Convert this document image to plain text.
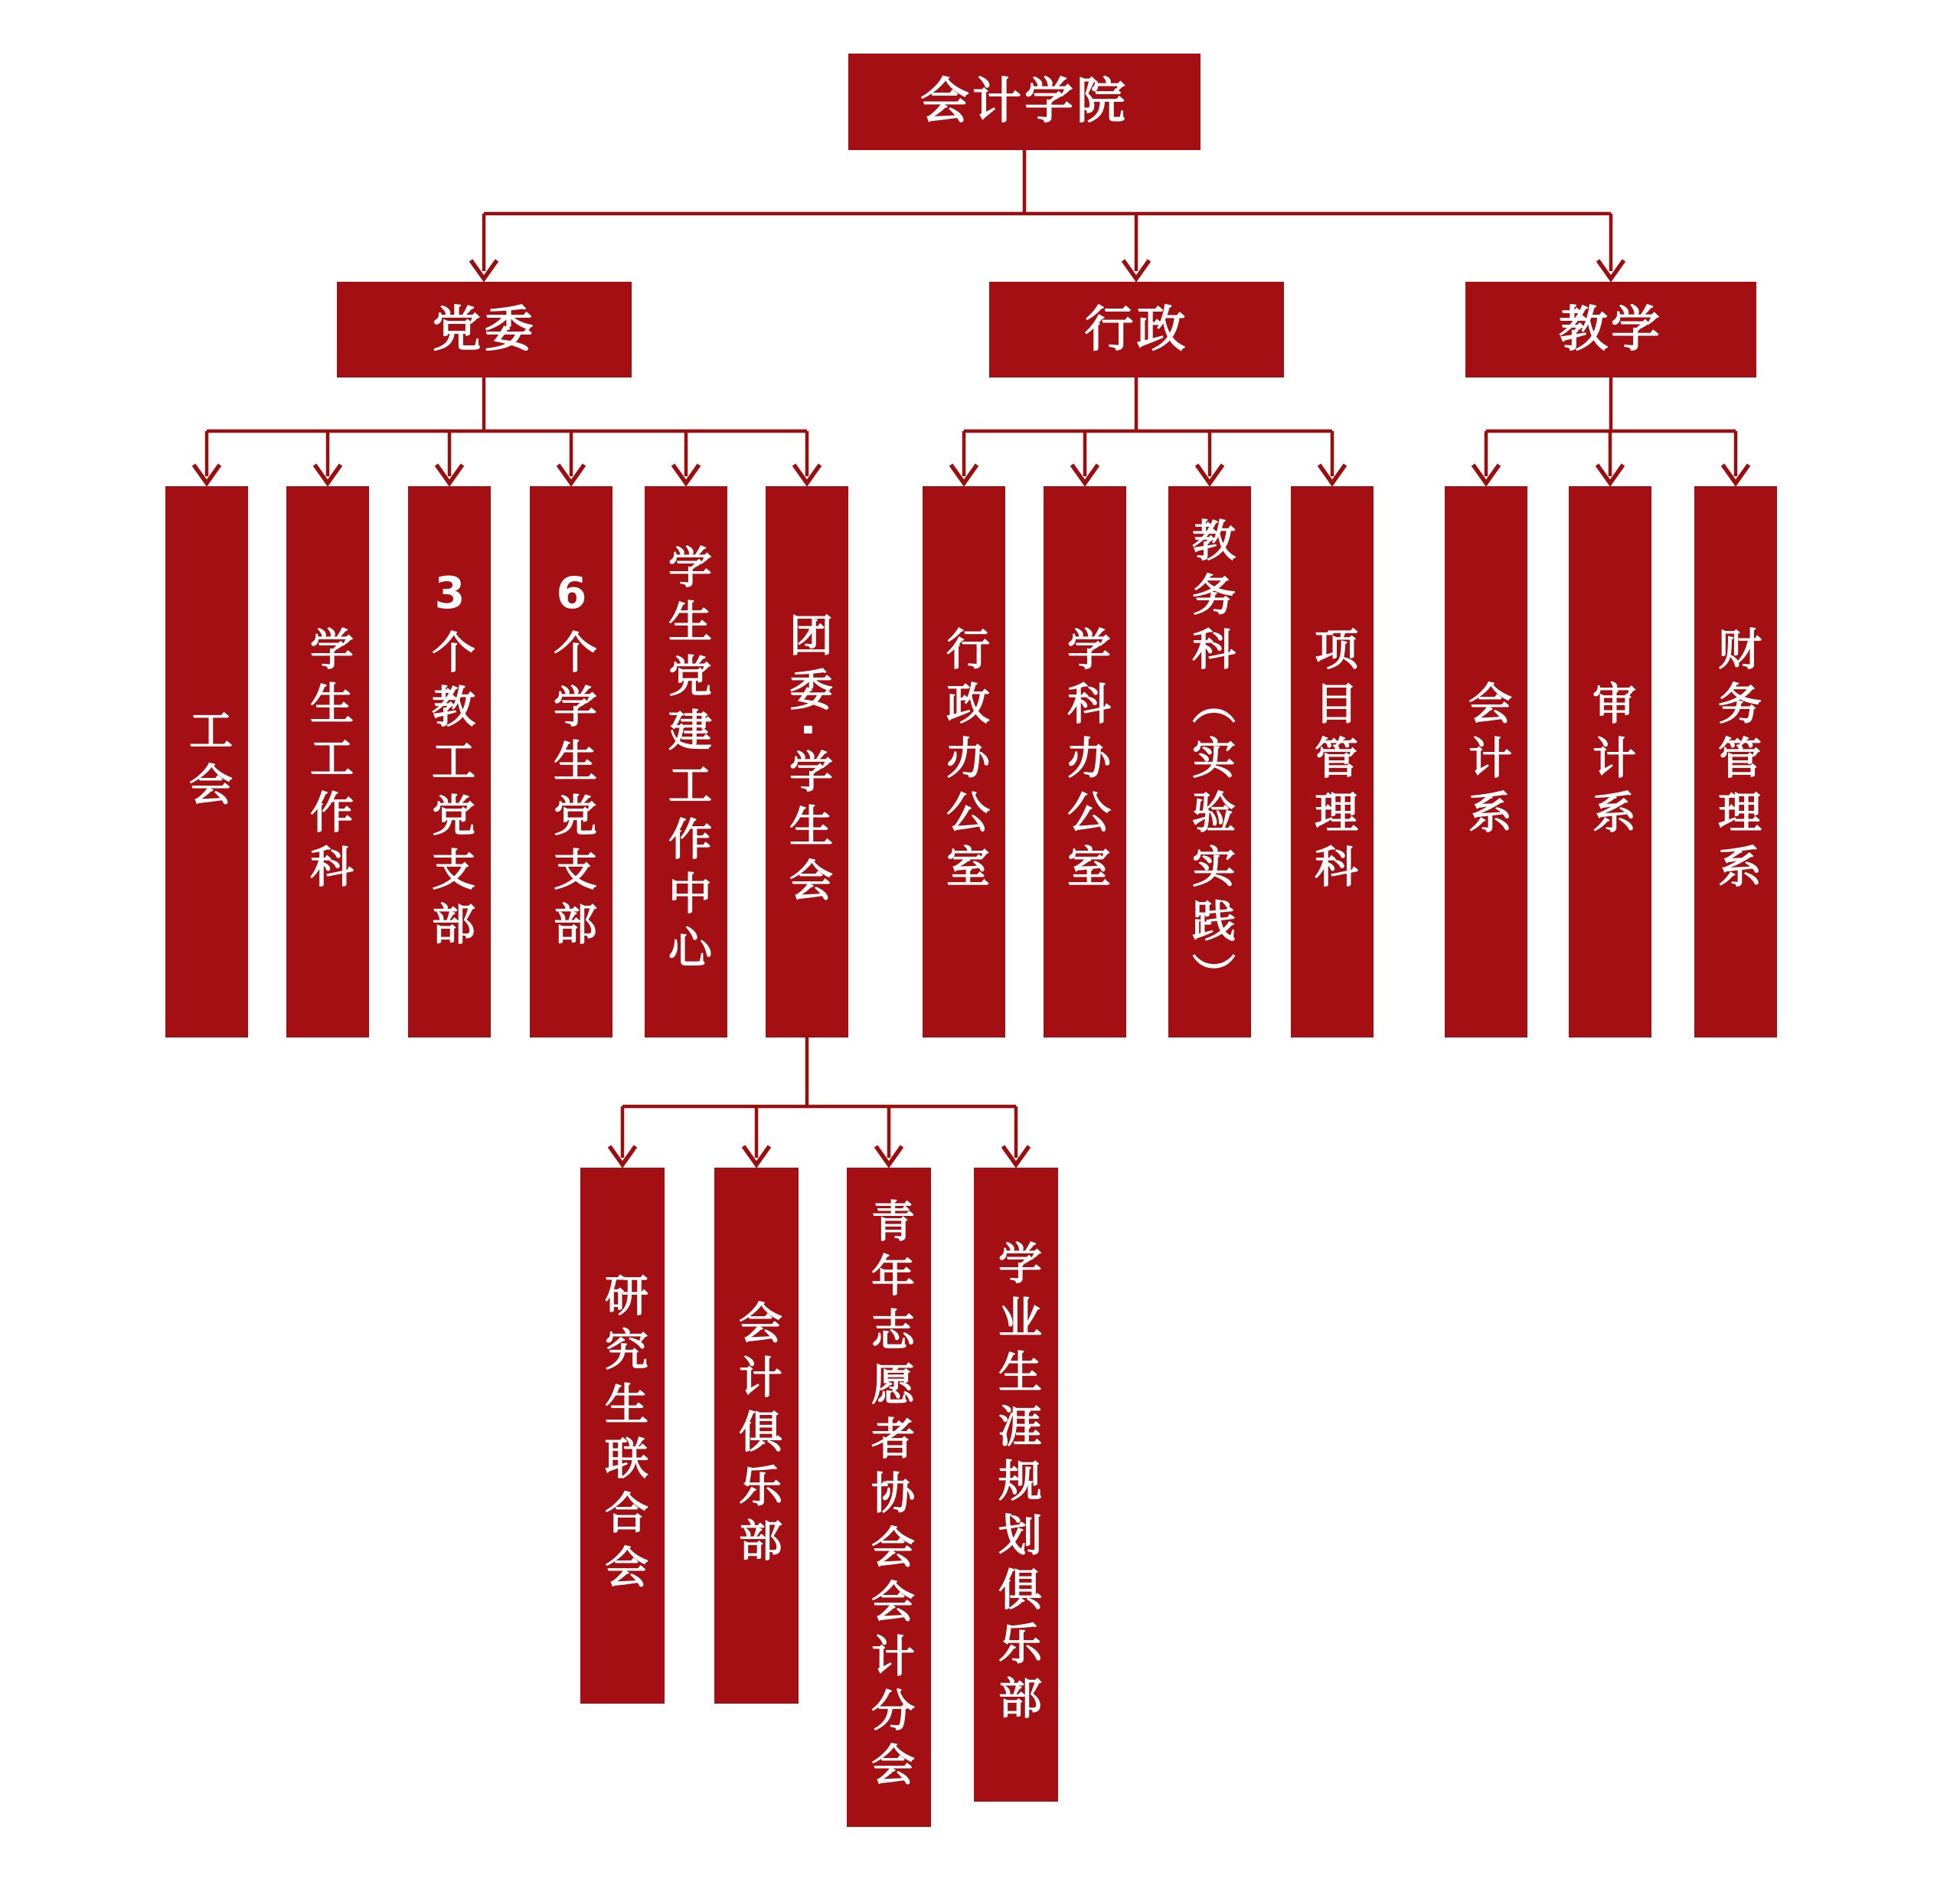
会计学院
党委	行政	教学
工会 学生工作科
3个教工党支部
6个学生党支部 学生党建工作中心 团委·学生会 行政办公室 学科办公室 教务科（实验实践） 项目管理科 会计系 审计系 财务管理系
研究生联合会 会计俱乐部 青年志愿者协会会计分会 学业生涯规划俱乐部
